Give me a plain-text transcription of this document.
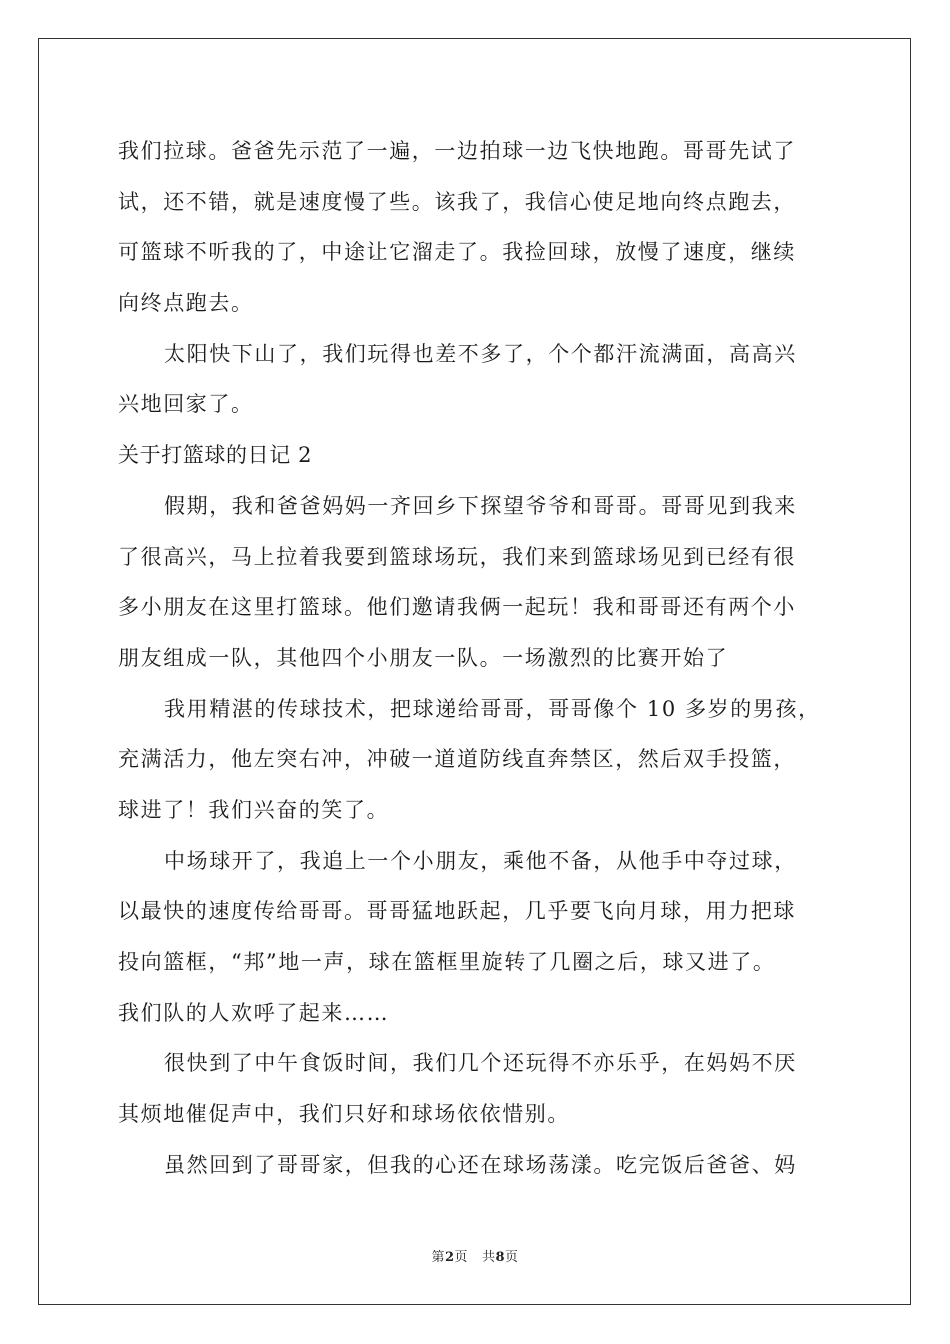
我们拉球。爸爸先示范了一遍，一边拍球一边飞快地跑。哥哥先试了
试，还不错，就是速度慢了些。该我了，我信心使足地向终点跑去，
可篮球不听我的了，中途让它溜走了。我捡回球，放慢了速度，继续
向终点跑去。
太阳快下山了，我们玩得也差不多了，个个都汗流满面，高高兴
兴地回家了。
关于打篮球的日记 2
假期，我和爸爸妈妈一齐回乡下探望爷爷和哥哥。哥哥见到我来
了很高兴，马上拉着我要到篮球场玩，我们来到篮球场见到已经有很
多小朋友在这里打篮球。他们邀请我俩一起玩！我和哥哥还有两个小
朋友组成一队，其他四个小朋友一队。一场激烈的比赛开始了
我用精湛的传球技术，把球递给哥哥，哥哥像个 10 多岁的男孩，
充满活力，他左突右冲，冲破一道道防线直奔禁区，然后双手投篮，
球进了！我们兴奋的笑了。
中场球开了，我追上一个小朋友，乘他不备，从他手中夺过球，
以最快的速度传给哥哥。哥哥猛地跃起，几乎要飞向月球，用力把球
投向篮框，“邦”地一声，球在篮框里旋转了几圈之后，球又进了。
我们队的人欢呼了起来……
很快到了中午食饭时间，我们几个还玩得不亦乐乎，在妈妈不厌
其烦地催促声中，我们只好和球场依依惜别。
虽然回到了哥哥家，但我的心还在球场荡漾。吃完饭后爸爸、妈
第2页 共8页
